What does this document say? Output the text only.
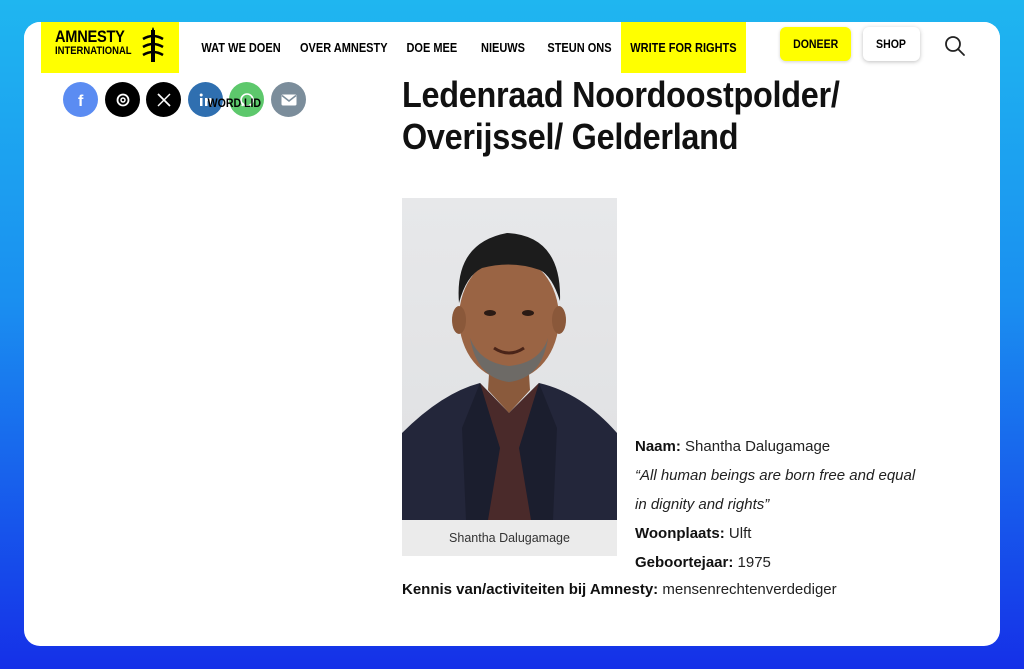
AMNESTY
INTERNATIONAL	WAT WE DOEN OVER AMNESTY DOE MEE NIEUWS STEUN ONS WRITE FOR RIGHTS	DONEER	SHOP
f	WORD LID	Ledenraad Noordoostpolder/
Overijssel/ Gelderland
Shantha Dalugamage
Naam: Shantha Dalugamage
“All human beings are born free and equal
in dignity and rights”
Woonplaats: Ulft
Geboortejaar: 1975
Kennis van/activiteiten bij Amnesty: mensenrechtenverdediger
